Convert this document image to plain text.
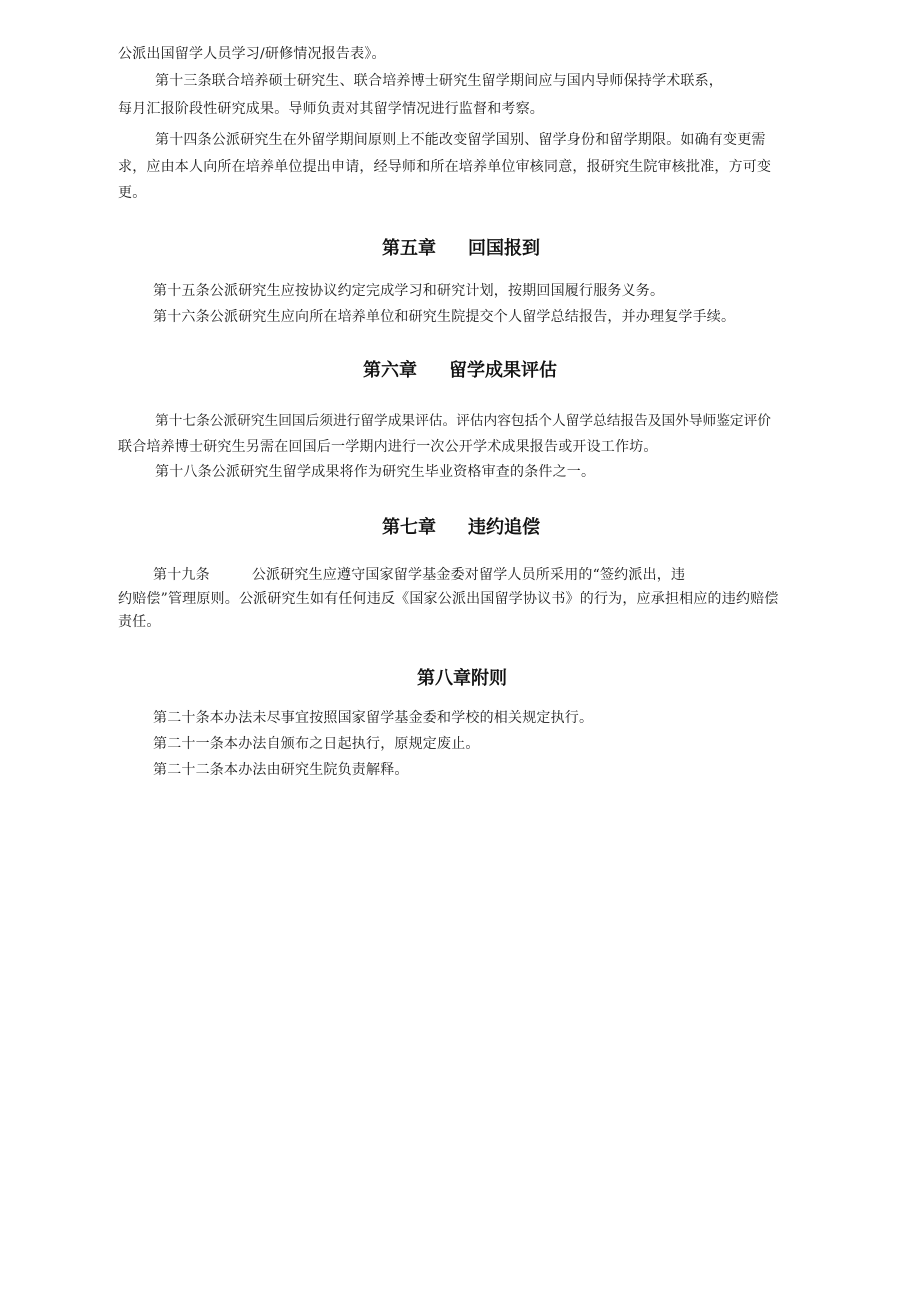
公派出国留学人员学习/研修情况报告表》。
第十三条联合培养硕士研究生、联合培养博士研究生留学期间应与国内导师保持学术联系，
每月汇报阶段性研究成果。导师负责对其留学情况进行监督和考察。
第十四条公派研究生在外留学期间原则上不能改变留学国别、留学身份和留学期限。如确有变更需
求，应由本人向所在培养单位提出申请，经导师和所在培养单位审核同意，报研究生院审核批准，方可变
更。
第五章 回国报到
第十五条公派研究生应按协议约定完成学习和研究计划，按期回国履行服务义务。
第十六条公派研究生应向所在培养单位和研究生院提交个人留学总结报告，并办理复学手续。
第六章 留学成果评估
第十七条公派研究生回国后须进行留学成果评估。评估内容包括个人留学总结报告及国外导师鉴定评价
联合培养博士研究生另需在回国后一学期内进行一次公开学术成果报告或开设工作坊。
第十八条公派研究生留学成果将作为研究生毕业资格审查的条件之一。
第七章 违约追偿
第十九条	公派研究生应遵守国家留学基金委对留学人员所采用的“签约派出，违
约赔偿”管理原则。公派研究生如有任何违反《国家公派出国留学协议书》的行为，应承担相应的违约赔偿
责任。
第八章附则
第二十条本办法未尽事宜按照国家留学基金委和学校的相关规定执行。
第二十一条本办法自颁布之日起执行，原规定废止。
第二十二条本办法由研究生院负责解释。
